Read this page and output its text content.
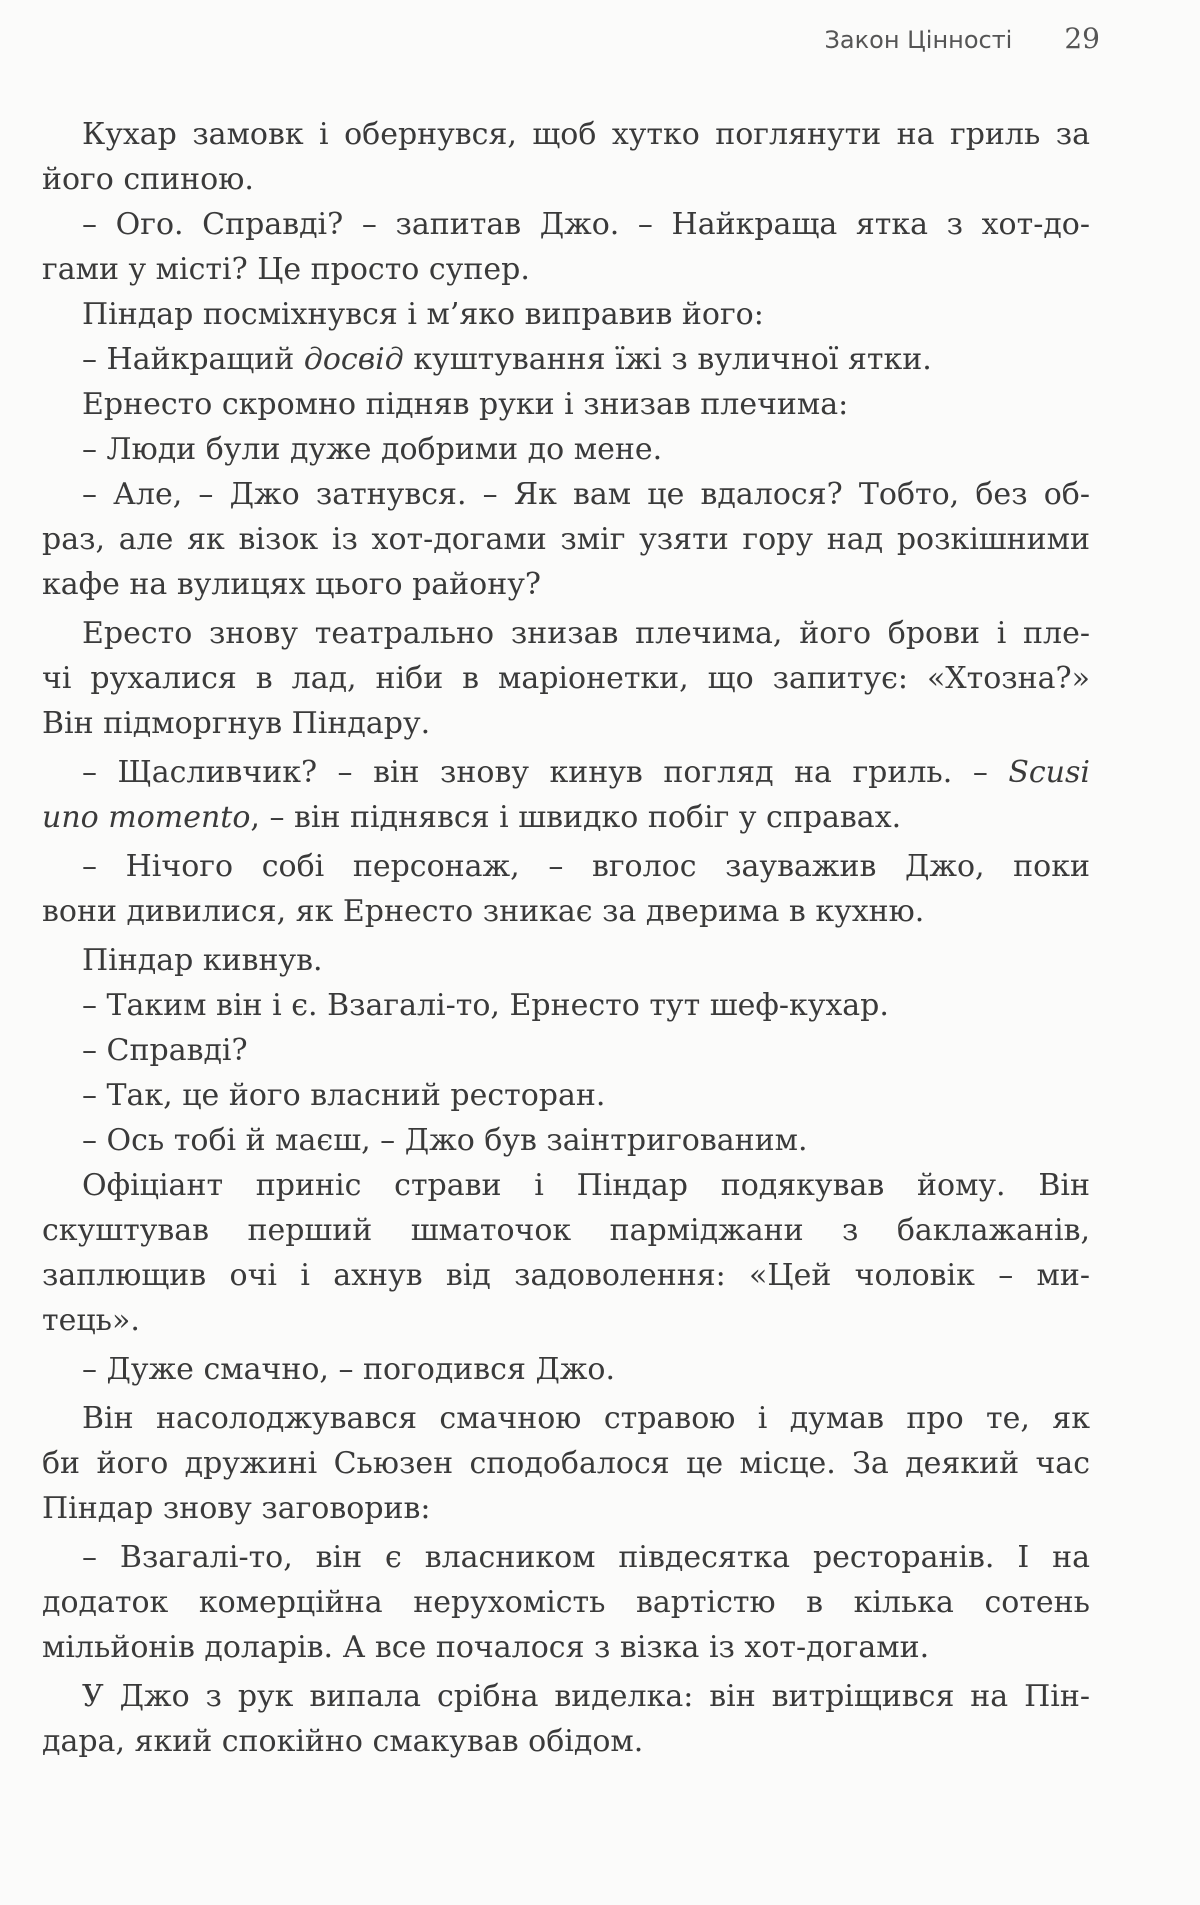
Закон Цінності 29
Кухар замовк і обернувся, щоб хутко поглянути на гриль за
його спиною.
– Ого. Справді? – запитав Джо. – Найкраща ятка з хот-до-
гами у місті? Це просто супер.
Піндар посміхнувся і м’яко виправив його:
– Найкращий досвід куштування їжі з вуличної ятки.
Ернесто скромно підняв руки і знизав плечима:
– Люди були дуже добрими до мене.
– Але, – Джо затнувся. – Як вам це вдалося? Тобто, без об-
раз, але як візок із хот-догами зміг узяти гору над розкішними
кафе на вулицях цього району?
Ересто знову театрально знизав плечима, його брови і пле-
чі рухалися в лад, ніби в маріонетки, що запитує: «Хтозна?»
Він підморгнув Піндару.
– Щасливчик? – він знову кинув погляд на гриль. – Scusi
uno momento, – він піднявся і швидко побіг у справах.
– Нічого собі персонаж, – вголос зауважив Джо, поки
вони дивилися, як Ернесто зникає за дверима в кухню.
Піндар кивнув.
– Таким він і є. Взагалі-то, Ернесто тут шеф-кухар.
– Справді?
– Так, це його власний ресторан.
– Ось тобі й маєш, – Джо був заінтригованим.
Офіціант приніс страви і Піндар подякував йому. Він
скуштував перший шматочок парміджани з баклажанів,
заплющив очі і ахнув від задоволення: «Цей чоловік – ми-
тець».
– Дуже смачно, – погодився Джо.
Він насолоджувався смачною стравою і думав про те, як
би його дружині Сьюзен сподобалося це місце. За деякий час
Піндар знову заговорив:
– Взагалі-то, він є власником півдесятка ресторанів. І на
додаток комерційна нерухомість вартістю в кілька сотень
мільйонів доларів. А все почалося з візка із хот-догами.
У Джо з рук випала срібна виделка: він витріщився на Пін-
дара, який спокійно смакував обідом.
